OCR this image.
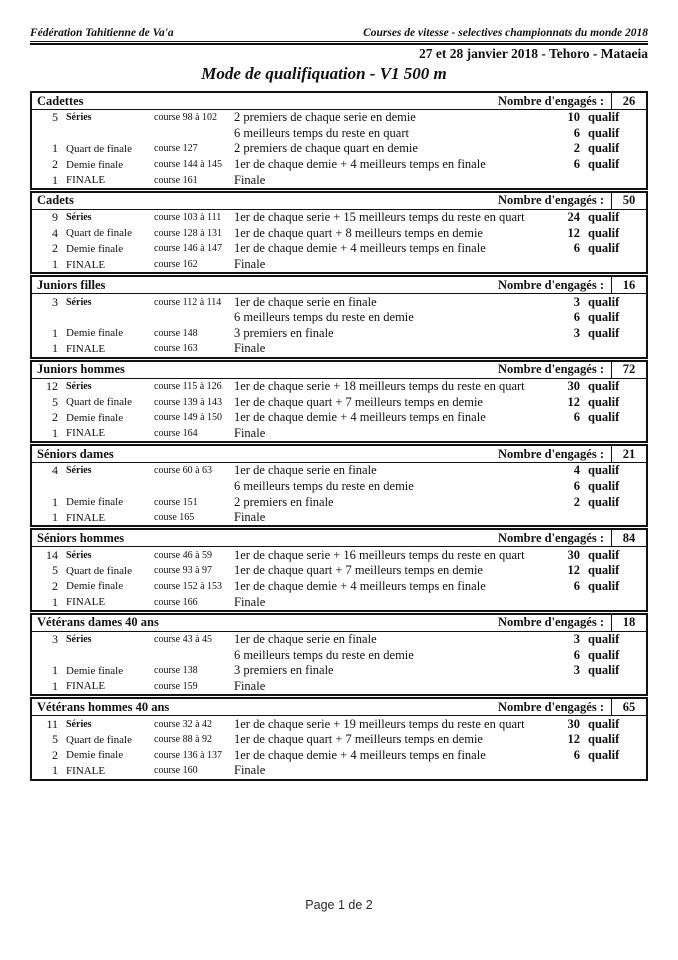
Fédération Tahitienne de Va'a	Courses de vitesse - selectives championnats du monde 2018
27 et 28 janvier 2018 - Tehoro - Mataeia
Mode de qualifiquation - V1 500 m
Cadettes	Nombre d'engagés :	26
5 Séries	course 98 à 102	2 premiers de chaque serie en demie	10 qualif
6 meilleurs temps du reste en quart	6 qualif
1 Quart de finale	course 127	2 premiers de chaque quart en demie	2 qualif
2 Demie finale	course 144 à 145 1er de chaque demie + 4 meilleurs temps en finale	6 qualif
1 FINALE	course 161	Finale
Cadets	Nombre d'engagés :	50
9 Séries	course 103 à 111	1er de chaque serie + 15 meilleurs temps du reste en quart	24 qualif
4 Quart de finale	course 128 à 131 1er de chaque quart + 8 meilleurs temps en demie	12 qualif
2 Demie finale	course 146 à 147 1er de chaque demie + 4 meilleurs temps en finale	6 qualif
1 FINALE	course 162	Finale
Juniors filles	Nombre d'engagés :	16
3 Séries	course 112 à 114	1er de chaque serie en finale	3 qualif
6 meilleurs temps du reste en demie	6 qualif
1 Demie finale	course 148	3 premiers en finale	3 qualif
1 FINALE	course 163	Finale
Juniors hommes	Nombre d'engagés :	72
12 Séries	course 115 à 126 1er de chaque serie + 18 meilleurs temps du reste en quart	30 qualif
5 Quart de finale	course 139 à 143 1er de chaque quart + 7 meilleurs temps en demie	12 qualif
2 Demie finale	course 149 à 150 1er de chaque demie + 4 meilleurs temps en finale	6 qualif
1 FINALE	course 164	Finale
Séniors dames	Nombre d'engagés :	21
4 Séries	course 60 à 63	1er de chaque serie en finale	4 qualif
6 meilleurs temps du reste en demie	6 qualif
1 Demie finale	course 151	2 premiers en finale	2 qualif
1 FINALE	couse 165	Finale
Séniors hommes	Nombre d'engagés :	84
14 Séries	course 46 à 59	1er de chaque serie + 16 meilleurs temps du reste en quart	30 qualif
5 Quart de finale	course 93 à 97	1er de chaque quart + 7 meilleurs temps en demie	12 qualif
2 Demie finale	course 152 à 153 1er de chaque demie + 4 meilleurs temps en finale	6 qualif
1 FINALE	course 166	Finale
Vétérans dames 40 ans	Nombre d'engagés :	18
3 Séries	course 43 à 45	1er de chaque serie en finale	3 qualif
6 meilleurs temps du reste en demie	6 qualif
1 Demie finale	course 138	3 premiers en finale	3 qualif
1 FINALE	course 159	Finale
Vétérans hommes 40 ans	Nombre d'engagés :	65
11 Séries	course 32 à 42	1er de chaque serie + 19 meilleurs temps du reste en quart	30 qualif
5 Quart de finale	course 88 à 92	1er de chaque quart + 7 meilleurs temps en demie	12 qualif
2 Demie finale	course 136 à 137 1er de chaque demie + 4 meilleurs temps en finale	6 qualif
1 FINALE	course 160	Finale
Page 1 de 2
